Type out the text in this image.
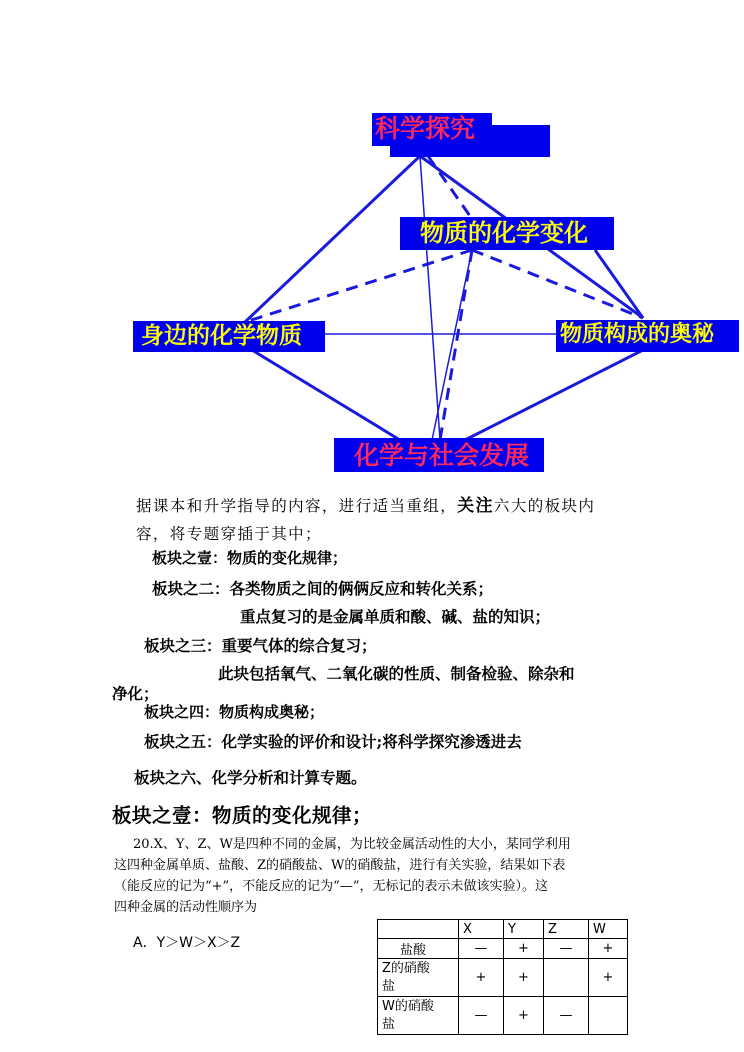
科学探究
物质的化学变化
身边的化学物质	物质构成的奥秘
化学与社会发展
据课本和升学指导的内容，进行适当重组，关注六大的板块内
容，将专题穿插于其中；
板块之壹：物质的变化规律；
板块之二：各类物质之间的俩俩反应和转化关系；
重点复习的是金属单质和酸、碱、盐的知识；
板块之三：重要气体的综合复习；
此块包括氧气、二氧化碳的性质、制备检验、除杂和
净化；
板块之四：物质构成奥秘；
板块之五：化学实验的评价和设计;将科学探究渗透进去
板块之六、化学分析和计算专题。
板块之壹：物质的变化规律；
20.X、Y、Z、W是四种不同的金属，为比较金属活动性的大小，某同学利用
这四种金属单质、盐酸、Z的硝酸盐、W的硝酸盐，进行有关实验，结果如下表
（能反应的记为“+”，不能反应的记为“—”，无标记的表示未做该实验）。这
四种金属的活动性顺序为
A．Y＞W＞X＞Z
	X	Y	Z	W
盐酸	—	+	—	+

Z的硝酸
盐	+	+		+

W的硝酸
盐	—	+	—	
